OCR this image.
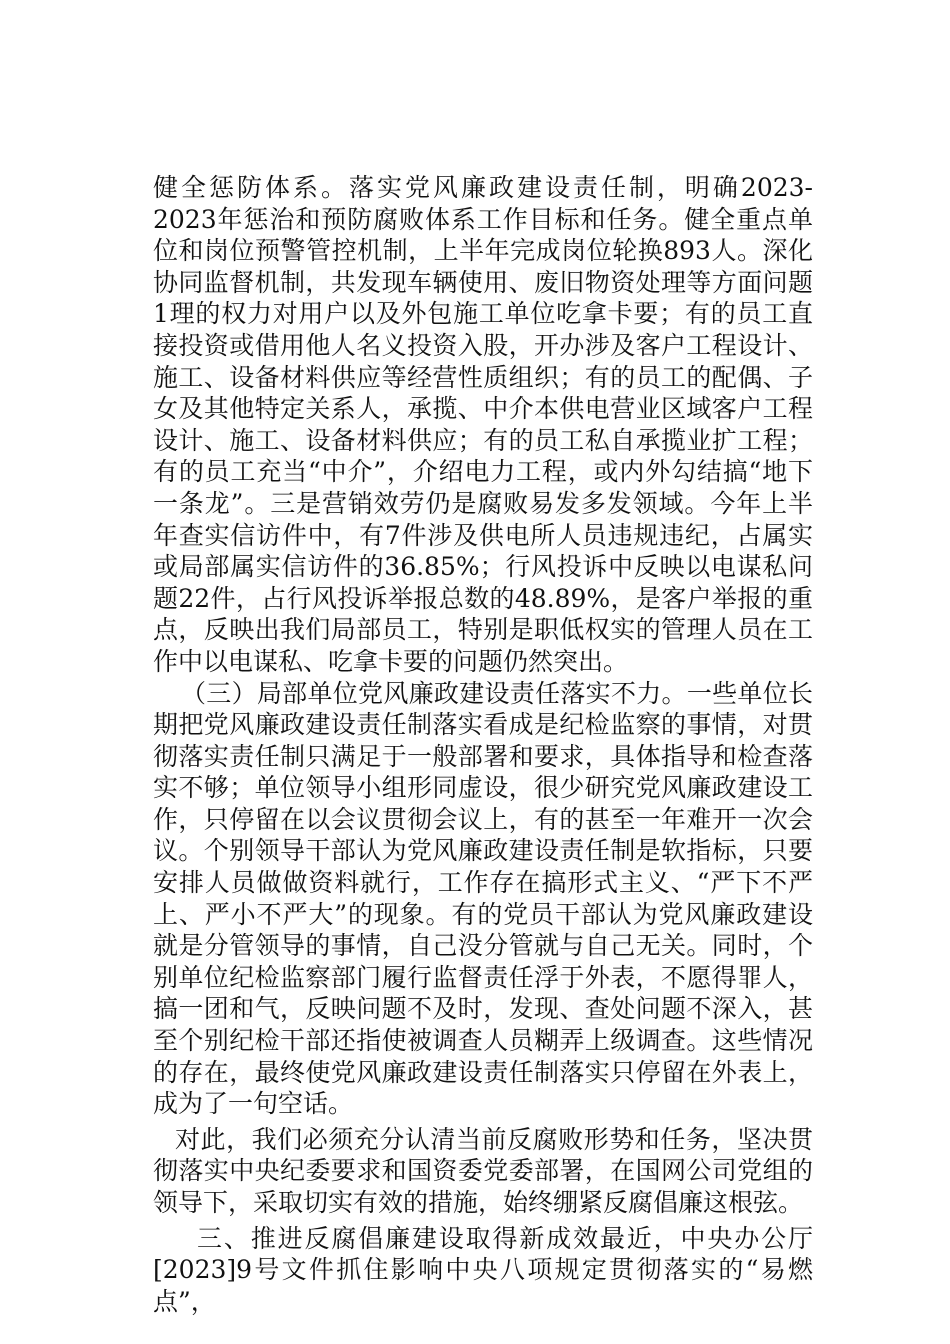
健全惩防体系。落实党风廉政建设责任制，明确2023-2023年惩治和预防腐败体系工作目标和任务。健全重点单位和岗位预警管控机制，上半年完成岗位轮换893人。深化协同监督机制，共发现车辆使用、废旧物资处理等方面问题1理的权力对用户以及外包施工单位吃拿卡要；有的员工直接投资或借用他人名义投资入股，开办涉及客户工程设计、施工、设备材料供应等经营性质组织；有的员工的配偶、子女及其他特定关系人，承揽、中介本供电营业区域客户工程设计、施工、设备材料供应；有的员工私自承揽业扩工程；有的员工充当“中介”，介绍电力工程，或内外勾结搞“地下一条龙”。三是营销效劳仍是腐败易发多发领域。今年上半年查实信访件中，有7件涉及供电所人员违规违纪，占属实或局部属实信访件的36.85%；行风投诉中反映以电谋私问题22件，占行风投诉举报总数的48.89%，是客户举报的重点，反映出我们局部员工，特别是职低权实的管理人员在工作中以电谋私、吃拿卡要的问题仍然突出。

（三）局部单位党风廉政建设责任落实不力。一些单位长期把党风廉政建设责任制落实看成是纪检监察的事情，对贯彻落实责任制只满足于一般部署和要求，具体指导和检查落实不够；单位领导小组形同虚设，很少研究党风廉政建设工作，只停留在以会议贯彻会议上，有的甚至一年难开一次会议。个别领导干部认为党风廉政建设责任制是软指标，只要安排人员做做资料就行，工作存在搞形式主义、“严下不严上、严小不严大”的现象。有的党员干部认为党风廉政建设就是分管领导的事情，自己没分管就与自己无关。同时，个别单位纪检监察部门履行监督责任浮于外表，不愿得罪人，搞一团和气，反映问题不及时，发现、查处问题不深入，甚至个别纪检干部还指使被调查人员糊弄上级调查。这些情况的存在，最终使党风廉政建设责任制落实只停留在外表上，成为了一句空话。

对此，我们必须充分认清当前反腐败形势和任务，坚决贯彻落实中央纪委要求和国资委党委部署，在国网公司党组的领导下，采取切实有效的措施，始终绷紧反腐倡廉这根弦。

三、推进反腐倡廉建设取得新成效最近，中央办公厅[2023]9号文件抓住影响中央八项规定贯彻落实的“易燃点”，
